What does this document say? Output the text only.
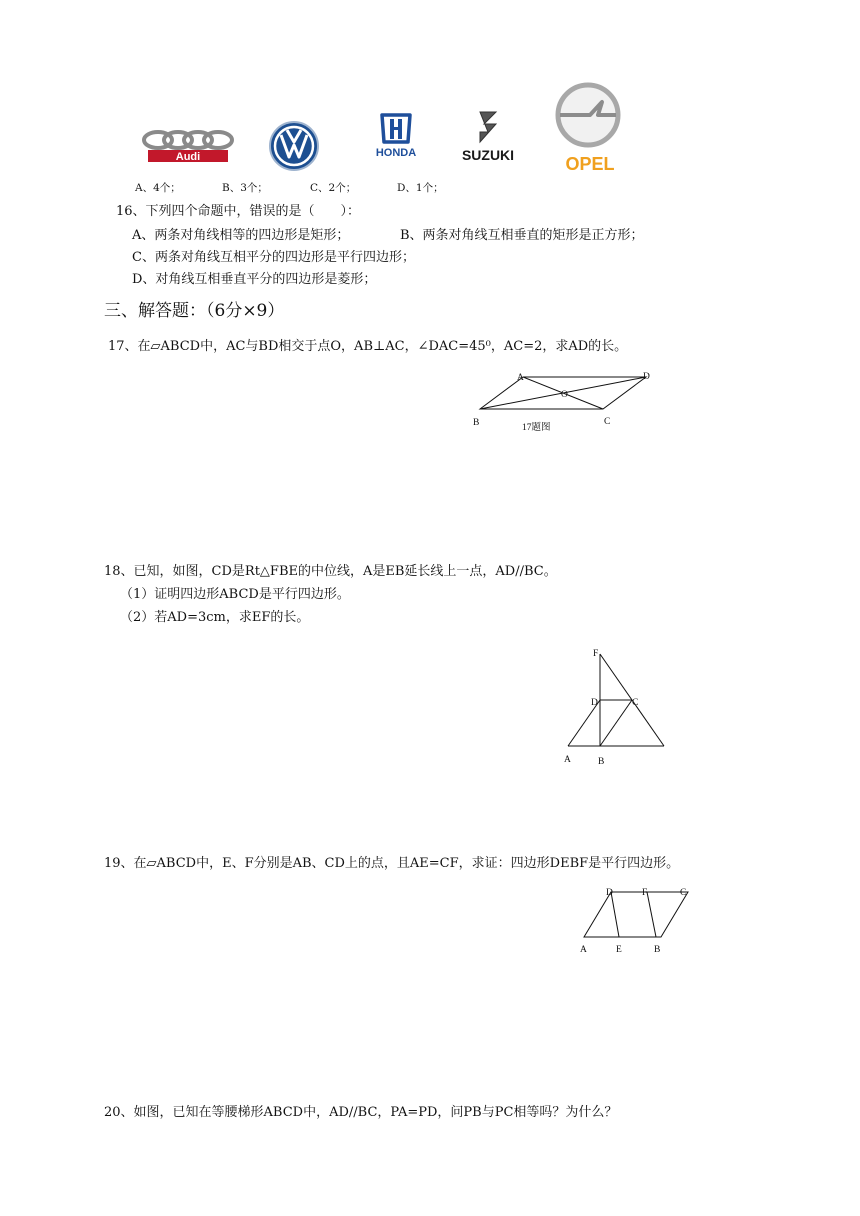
Audi	HONDA	SUZUKI	OPEL
A、4个；	B、3个；	C、2个；	D、1个；
16、下列四个命题中，错误的是（　　）：
A、两条对角线相等的四边形是矩形；	B、两条对角线互相垂直的矩形是正方形；
C、两条对角线互相平分的四边形是平行四边形；
D、对角线互相垂直平分的四边形是菱形；
三、解答题：（6分×9）
17、在▱ABCD中，AC与BD相交于点O，AB⊥AC，∠DAC=45⁰，AC=2，求AD的长。
A	D
O
B	C
17题图
18、已知，如图，CD是Rt△FBE的中位线，A是EB延长线上一点，AD//BC。
（1）证明四边形ABCD是平行四边形。
（2）若AD=3cm，求EF的长。
F
D	C
A	B
19、在▱ABCD中，E、F分别是AB、CD上的点，且AE=CF，求证：四边形DEBF是平行四边形。
D	F	C
A	E	B
20、如图，已知在等腰梯形ABCD中，AD//BC，PA=PD，问PB与PC相等吗？为什么？
